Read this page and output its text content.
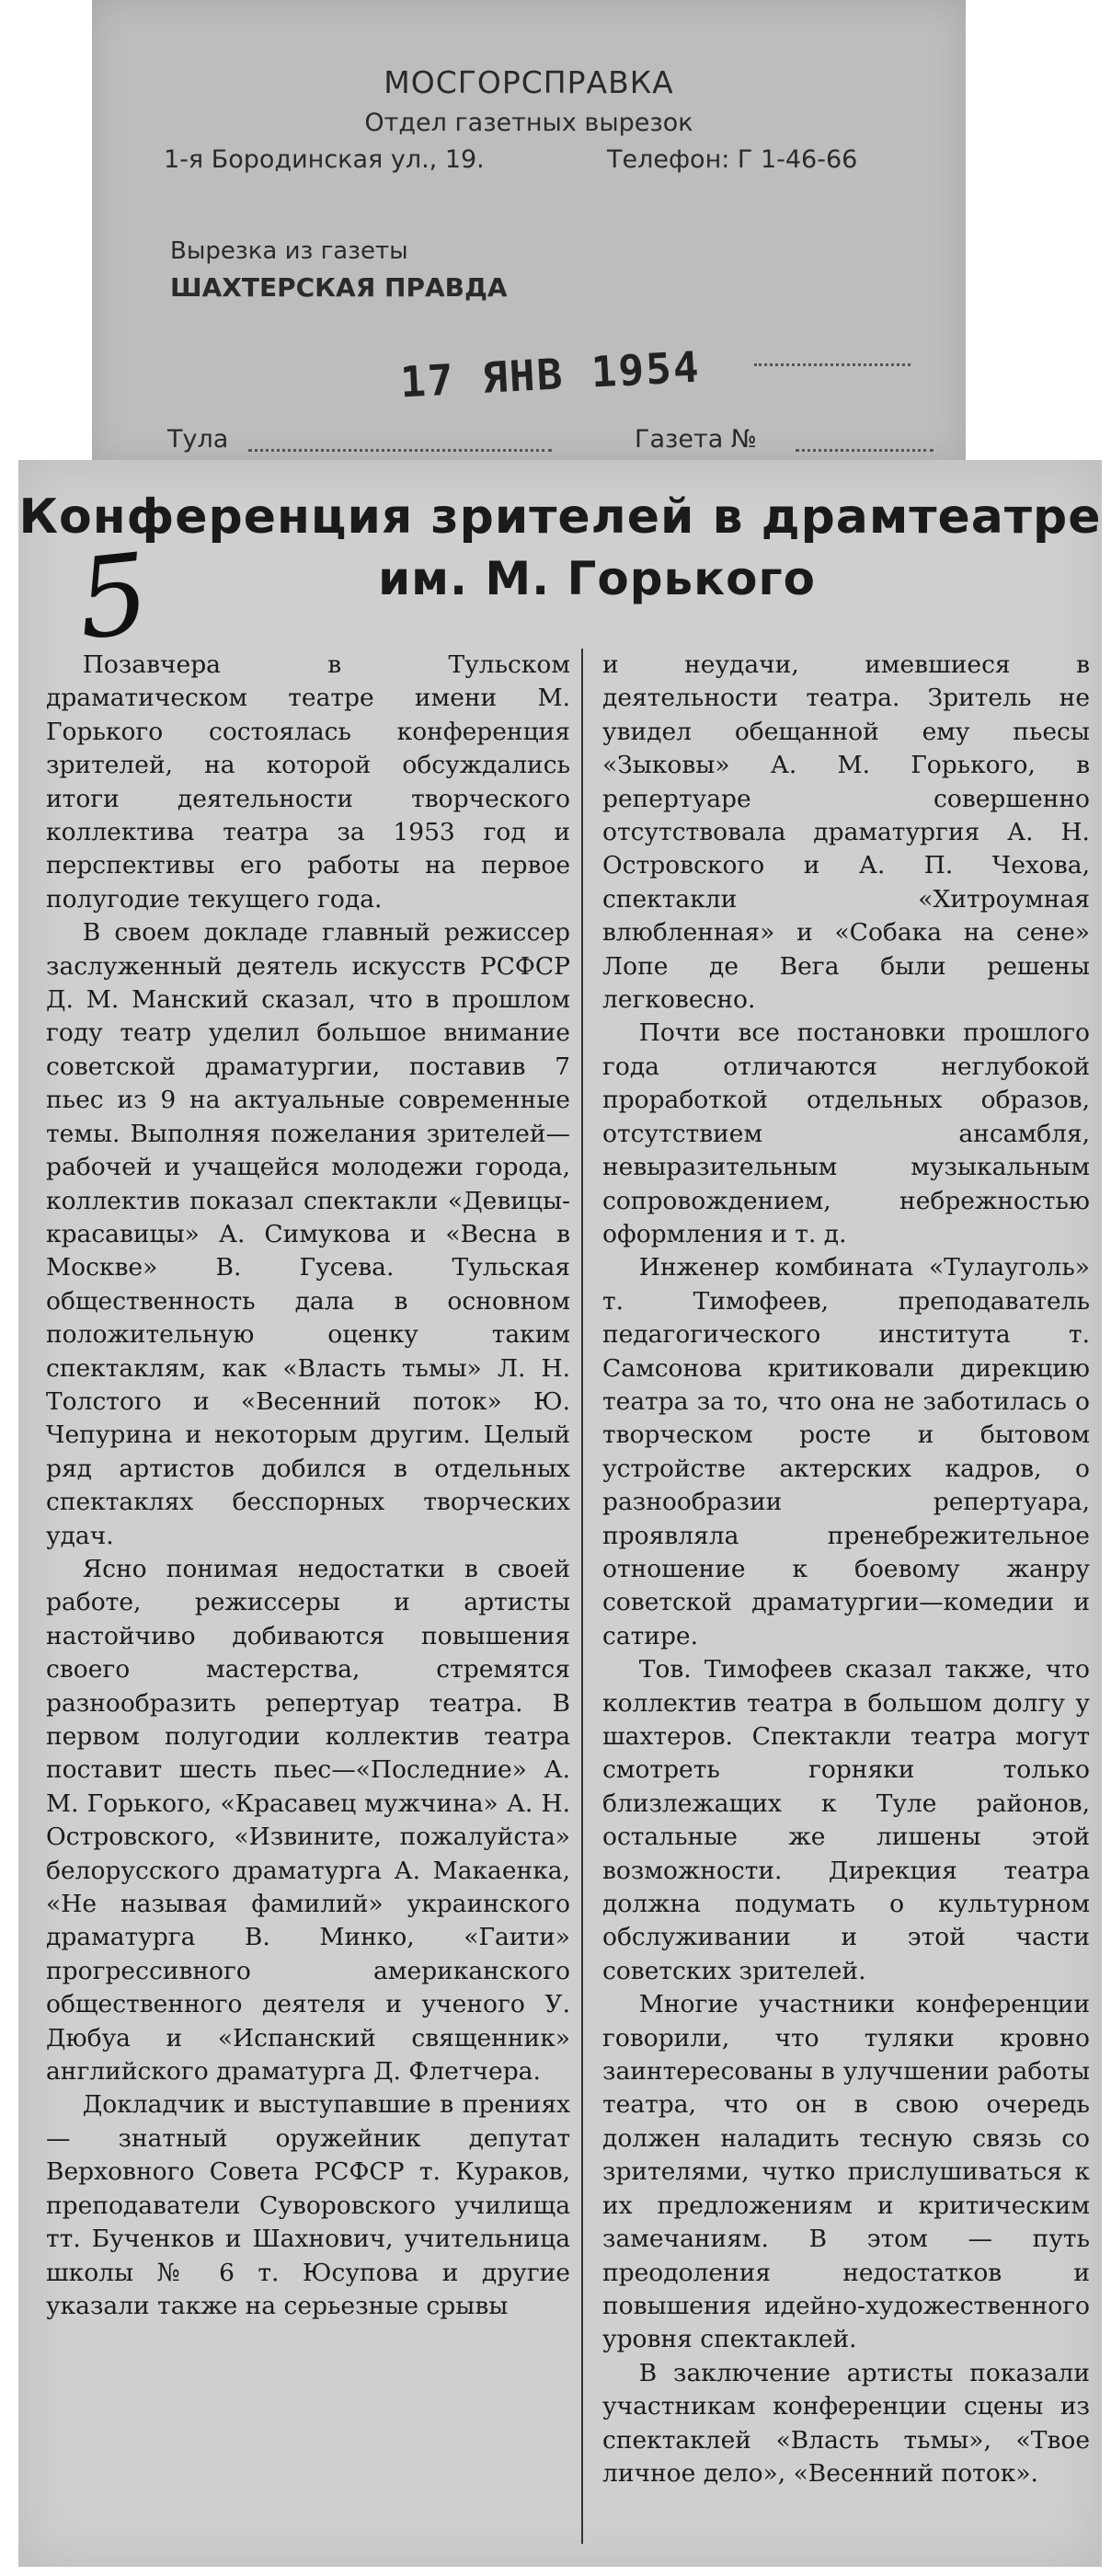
МОСГОРСПРАВКА
Отдел газетных вырезок
1-я Бородинская ул., 19.	Телефон: Г 1-46-66
Вырезка из газеты
ШАХТЕРСКАЯ ПРАВДА
17 ЯНВ 1954
Тула	Газета №
Конференция зрителей в драмтеатре
им. М. Горького
5

Позавчера в Тульском драматическом театре имени М. Горького состоялась конференция зрителей, на которой обсуждались итоги деятельности творческого коллектива театра за 1953 год и перспективы его работы на первое полугодие текущего года.

В своем докладе главный режиссер заслуженный деятель искусств РСФСР Д. М. Манский сказал, что в прошлом году театр уделил большое внимание советской драматургии, поставив 7 пьес из 9 на актуальные современные темы. Выполняя пожелания зрителей—рабочей и учащейся молодежи города, коллектив показал спектакли «Девицы-красавицы» А. Симукова и «Весна в Москве» В. Гусева. Тульская общественность дала в основном положительную оценку таким спектаклям, как «Власть тьмы» Л. Н. Толстого и «Весенний поток» Ю. Чепурина и некоторым другим. Целый ряд артистов добился в отдельных спектаклях бесспорных творческих удач.

Ясно понимая недостатки в своей работе, режиссеры и артисты настойчиво добиваются повышения своего мастерства, стремятся разнообразить репертуар театра. В первом полугодии коллектив театра поставит шесть пьес—«Последние» А. М. Горького, «Красавец мужчина» А. Н. Островского, «Извините, пожалуйста» белорусского драматурга А. Макаенка, «Не называя фамилий» украинского драматурга В. Минко, «Гаити» прогрессивного американского общественного деятеля и ученого У. Дюбуа и «Испанский священник» английского драматурга Д. Флетчера.

Докладчик и выступавшие в прениях — знатный оружейник депутат Верховного Совета РСФСР т. Кураков, преподаватели Суворовского училища тт. Бученков и Шахнович, учительница школы № 6 т. Юсупова и другие указали также на серьезные срывы

и неудачи, имевшиеся в деятельности театра. Зритель не увидел обещанной ему пьесы «Зыковы» А. М. Горького, в репертуаре совершенно отсутствовала драматургия А. Н. Островского и А. П. Чехова, спектакли «Хитроумная влюбленная» и «Собака на сене» Лопе де Вега были решены легковесно.

Почти все постановки прошлого года отличаются неглубокой проработкой отдельных образов, отсутствием ансамбля, невыразительным музыкальным сопровождением, небрежностью оформления и т. д.

Инженер комбината «Тулауголь» т. Тимофеев, преподаватель педагогического института т. Самсонова критиковали дирекцию театра за то, что она не заботилась о творческом росте и бытовом устройстве актерских кадров, о разнообразии репертуара, проявляла пренебрежительное отношение к боевому жанру советской драматургии—комедии и сатире.

Тов. Тимофеев сказал также, что коллектив театра в большом долгу у шахтеров. Спектакли театра могут смотреть горняки только близлежащих к Туле районов, остальные же лишены этой возможности. Дирекция театра должна подумать о культурном обслуживании и этой части советских зрителей.

Многие участники конференции говорили, что туляки кровно заинтересованы в улучшении работы театра, что он в свою очередь должен наладить тесную связь со зрителями, чутко прислушиваться к их предложениям и критическим замечаниям. В этом — путь преодоления недостатков и повышения идейно-художественного уровня спектаклей.

В заключение артисты показали участникам конференции сцены из спектаклей «Власть тьмы», «Твое личное дело», «Весенний поток».
